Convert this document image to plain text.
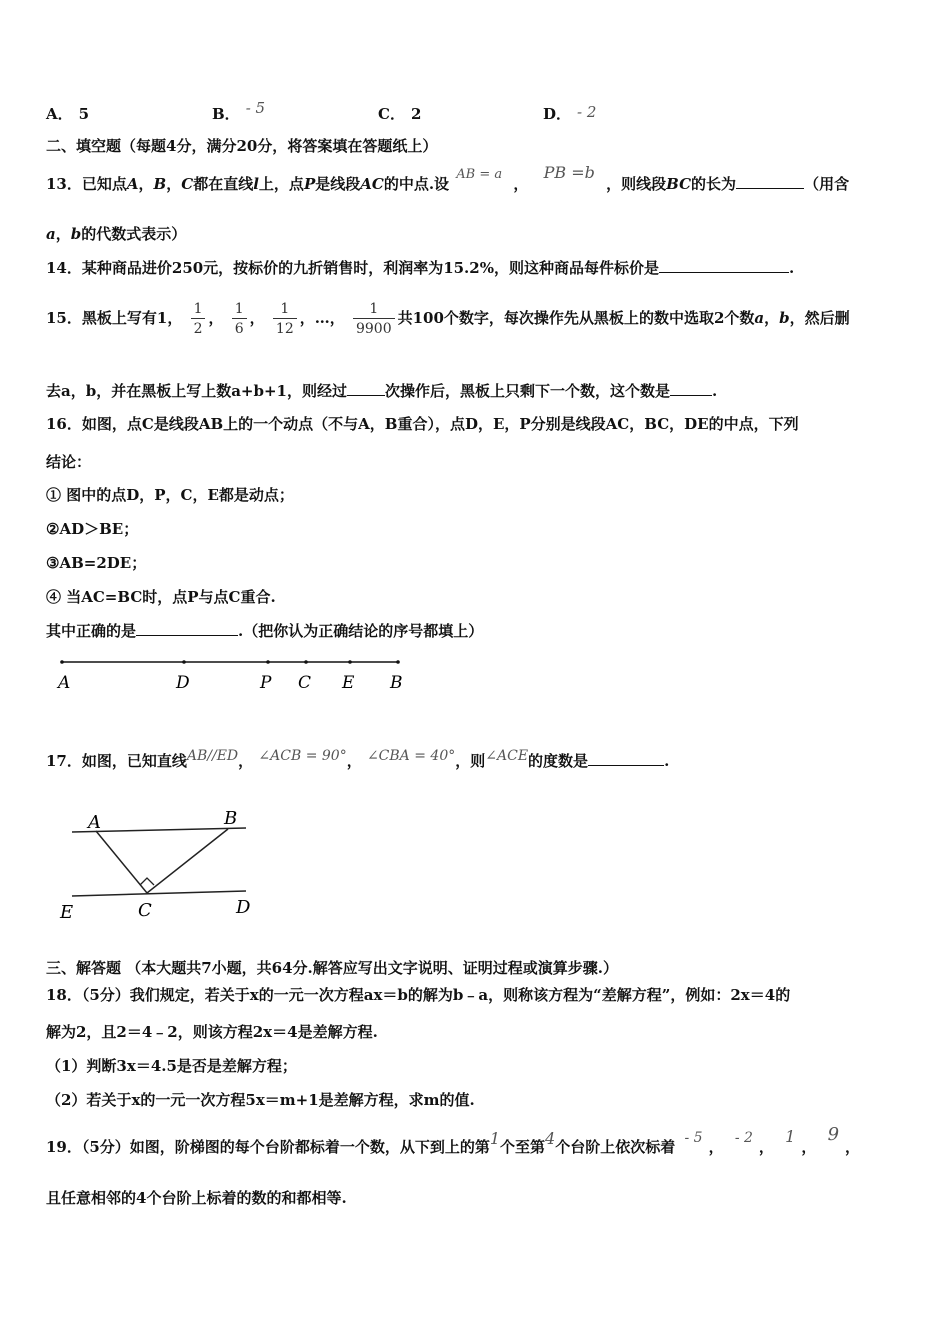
A． 5	B． - 5	C． 2	D． - 2
二、填空题（每题4分，满分20分，将答案填在答题纸上）
13．已知点A，B，C都在直线l上，点P是线段AC的中点.设 AB = a ， PB =b ，则线段BC的长为	（用含
a，b的代数式表示）
14．某种商品进价250元，按标价的九折销售时，利润率为15.2%，则这种商品每件标价是	.
15．黑板上写有1， $\frac{1}{2}$ ， $\frac{1}{6}$ ， $\frac{1}{12}$ ，…， $\frac{1}{9900}$ 共100个数字，每次操作先从黑板上的数中选取2个数a，b，然后删
去a，b，并在黑板上写上数a+b+1，则经过	次操作后，黑板上只剩下一个数，这个数是	.
16．如图，点C是线段AB上的一个动点（不与A，B重合），点D，E，P分别是线段AC，BC，DE的中点，下列
结论：
① 图中的点D，P，C，E都是动点；
②AD＞BE；
③AB=2DE；
④ 当AC=BC时，点P与点C重合.
其中正确的是	.（把你认为正确结论的序号都填上）
A	D	P C E B
17．如图，已知直线AB//ED， ∠ACB = 90°， ∠CBA = 40°，则∠ACE的度数是	.
A	B
C
E	D
三、解答题 （本大题共7小题，共64分.解答应写出文字说明、证明过程或演算步骤.）
18．（5分）我们规定，若关于x的一元一次方程ax＝b的解为b﹣a，则称该方程为“差解方程”，例如：2x＝4的
解为2，且2＝4﹣2，则该方程2x＝4是差解方程.
（1）判断3x＝4.5是否是差解方程；
（2）若关于x的一元一次方程5x＝m+1是差解方程，求m的值.
19．（5分）如图，阶梯图的每个台阶都标着一个数，从下到上的第1个至第4个台阶上依次标着 - 5 ， - 2 ， 1， 9，
且任意相邻的4个台阶上标着的数的和都相等.
